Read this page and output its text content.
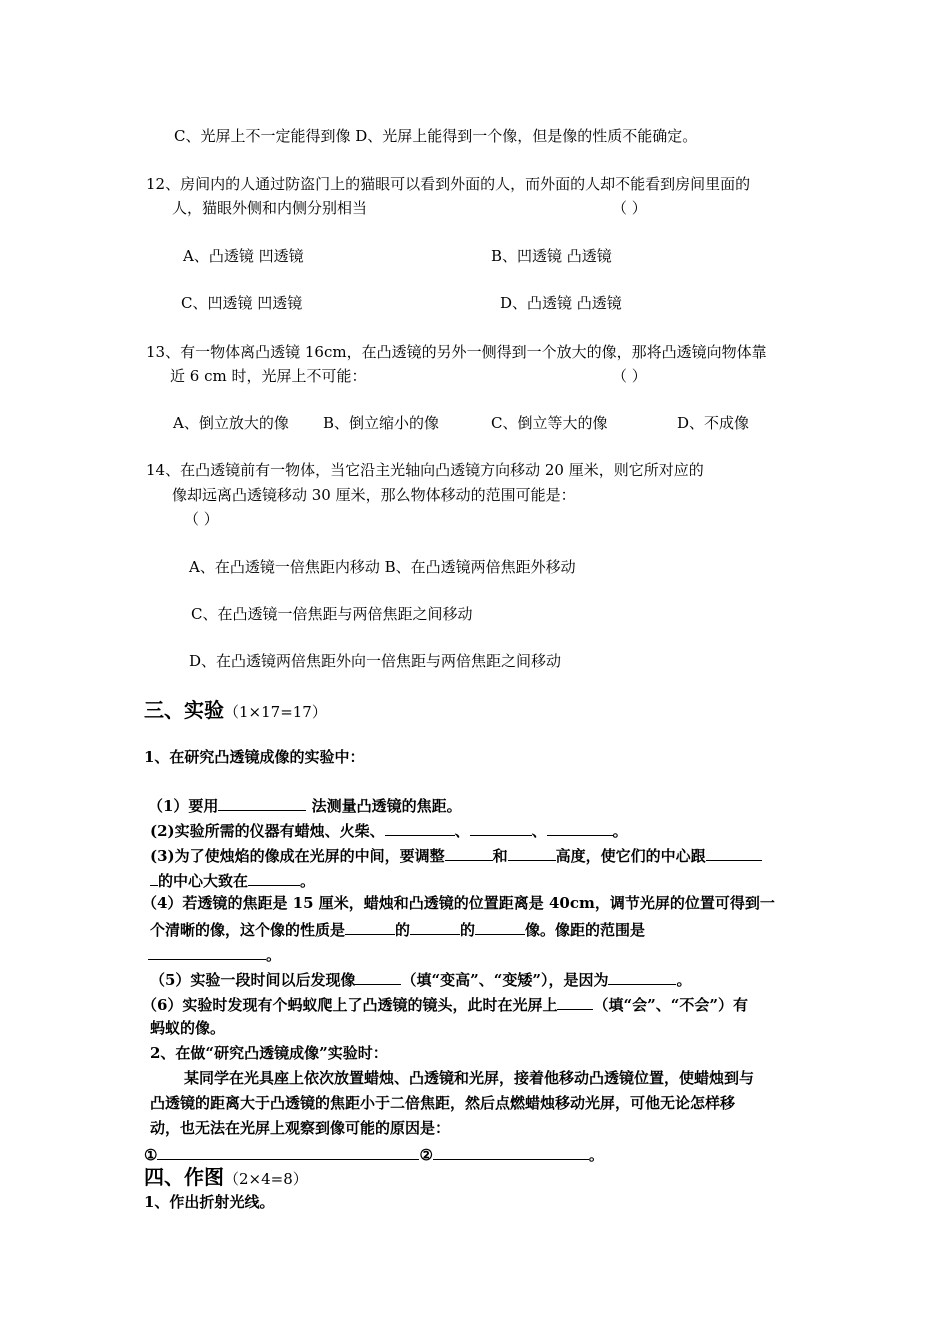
C、光屏上不一定能得到像 D、光屏上能得到一个像，但是像的性质不能确定。
12、房间内的人通过防盗门上的猫眼可以看到外面的人，而外面的人却不能看到房间里面的
人，猫眼外侧和内侧分别相当	（ ）
A、凸透镜 凹透镜	B、凹透镜 凸透镜
C、凹透镜 凹透镜	D、凸透镜 凸透镜
13、有一物体离凸透镜 16cm，在凸透镜的另外一侧得到一个放大的像，那将凸透镜向物体靠
近 6 cm 时，光屏上不可能：	（ ）
A、倒立放大的像 B、倒立缩小的像	C、倒立等大的像	D、不成像
14、在凸透镜前有一物体，当它沿主光轴向凸透镜方向移动 20 厘米，则它所对应的
像却远离凸透镜移动 30 厘米，那么物体移动的范围可能是：
（ ）
A、在凸透镜一倍焦距内移动 B、在凸透镜两倍焦距外移动
C、在凸透镜一倍焦距与两倍焦距之间移动
D、在凸透镜两倍焦距外向一倍焦距与两倍焦距之间移动
三、实验（1×17=17）
1、在研究凸透镜成像的实验中：
（1）要用	法测量凸透镜的焦距。
(2)实验所需的仪器有蜡烛、火柴、	、	、	。
(3)为了使烛焰的像成在光屏的中间，要调整	和	高度，使它们的中心跟
的中心大致在	。
（4）若透镜的焦距是 15 厘米，蜡烛和凸透镜的位置距离是 40cm，调节光屏的位置可得到一
个清晰的像，这个像的性质是	的	的	像。像距的范围是
。
（5）实验一段时间以后发现像	（填“变高”、“变矮”），是因为	。
（6）实验时发现有个蚂蚁爬上了凸透镜的镜头，此时在光屏上 （填“会”、“不会”）有
蚂蚁的像。
2、在做“研究凸透镜成像”实验时：
某同学在光具座上依次放置蜡烛、凸透镜和光屏，接着他移动凸透镜位置，使蜡烛到与
凸透镜的距离大于凸透镜的焦距小于二倍焦距，然后点燃蜡烛移动光屏，可他无论怎样移
动，也无法在光屏上观察到像可能的原因是：
①	②	。
四、作图（2×4=8）
1、作出折射光线。
